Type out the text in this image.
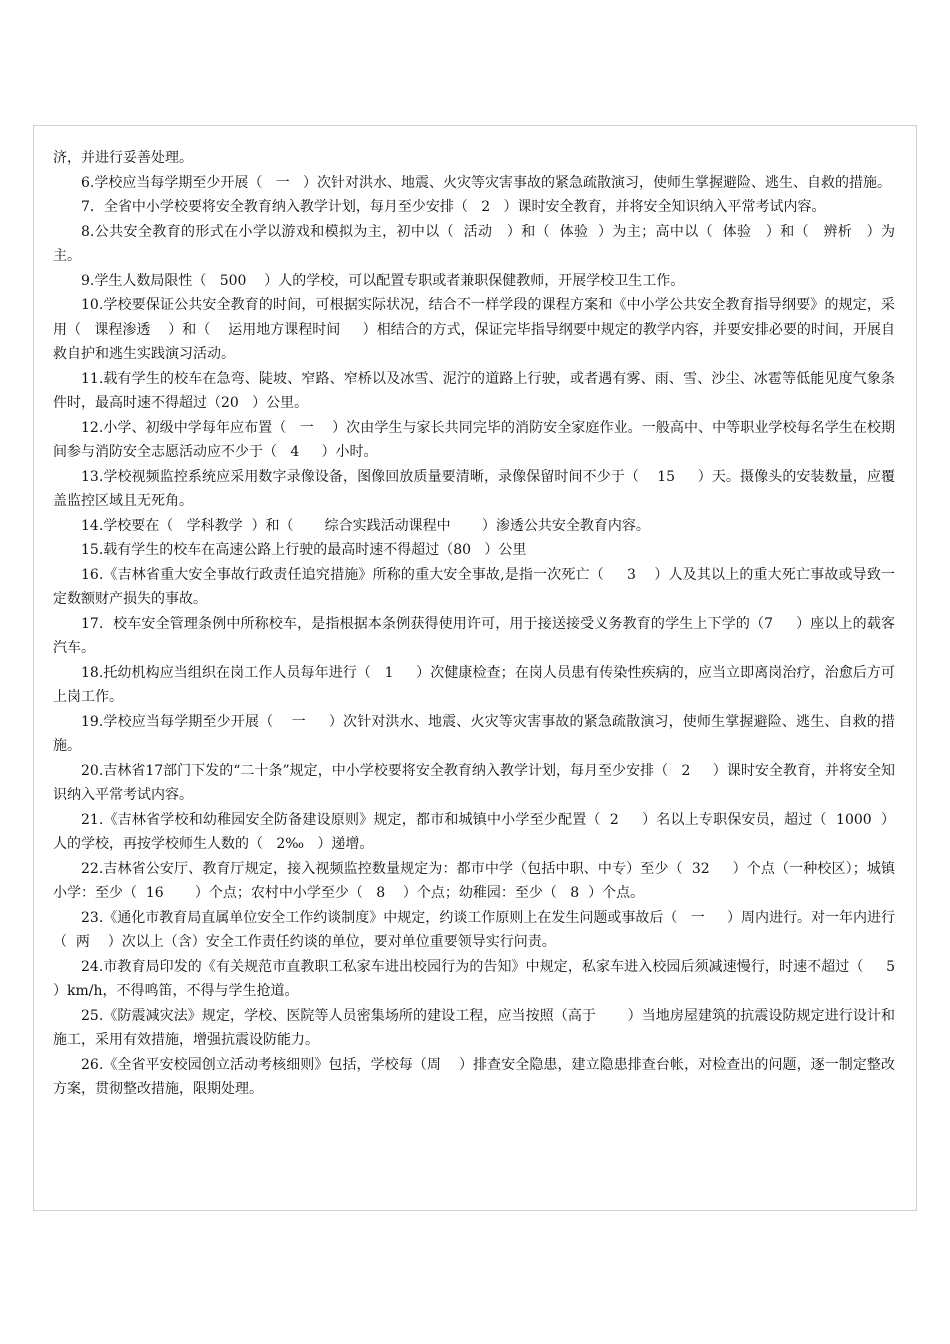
济，并进行妥善处理。

6.学校应当每学期至少开展（   一   ）次针对洪水、地震、火灾等灾害事故的紧急疏散演习，使师生掌握避险、逃生、自救的措施。

7．全省中小学校要将安全教育纳入教学计划，每月至少安排（   2   ）课时安全教育，并将安全知识纳入平常考试内容。

8.公共安全教育的形式在小学以游戏和模拟为主，初中以（  活动   ）和（  体验  ）为主；高中以（  体验   ）和（   辨析   ）为主。

9.学生人数局限性（   500    ）人的学校，可以配置专职或者兼职保健教师，开展学校卫生工作。

10.学校要保证公共安全教育的时间，可根据实际状况，结合不一样学段的课程方案和《中小学公共安全教育指导纲要》的规定，采用（   课程渗透    ）和（    运用地方课程时间     ）相结合的方式，保证完毕指导纲要中规定的教学内容，并要安排必要的时间，开展自救自护和逃生实践演习活动。

11.载有学生的校车在急弯、陡坡、窄路、窄桥以及冰雪、泥泞的道路上行驶，或者遇有雾、雨、雪、沙尘、冰雹等低能见度气象条件时，最高时速不得超过（20   ）公里。

12.小学、初级中学每年应布置（   一    ）次由学生与家长共同完毕的消防安全家庭作业。一般高中、中等职业学校每名学生在校期间参与消防安全志愿活动应不少于（   4     ）小时。

13.学校视频监控系统应采用数字录像设备，图像回放质量要清晰，录像保留时间不少于（    15     ）天。摄像头的安装数量，应覆盖监控区域且无死角。

14.学校要在（   学科教学  ）和（       综合实践活动课程中       ）渗透公共安全教育内容。

15.载有学生的校车在高速公路上行驶的最高时速不得超过（80   ）公里

16.《吉林省重大安全事故行政责任追究措施》所称的重大安全事故,是指一次死亡（     3    ）人及其以上的重大死亡事故或导致一定数额财产损失的事故。

17．校车安全管理条例中所称校车，是指根据本条例获得使用许可，用于接送接受义务教育的学生上下学的（7     ）座以上的载客汽车。

18.托幼机构应当组织在岗工作人员每年进行（   1     ）次健康检查；在岗人员患有传染性疾病的，应当立即离岗治疗，治愈后方可上岗工作。

19.学校应当每学期至少开展（    一     ）次针对洪水、地震、火灾等灾害事故的紧急疏散演习，使师生掌握避险、逃生、自救的措施。

20.吉林省17部门下发的“二十条”规定，中小学校要将安全教育纳入教学计划，每月至少安排（   2     ）课时安全教育，并将安全知识纳入平常考试内容。

21.《吉林省学校和幼稚园安全防备建设原则》规定，都市和城镇中小学至少配置（  2     ）名以上专职保安员，超过（  1000  ）人的学校，再按学校师生人数的（   2‰   ）递增。

22.吉林省公安厅、教育厅规定，接入视频监控数量规定为：都市中学（包括中职、中专）至少（  32     ）个点（一种校区）；城镇小学：至少（  16       ）个点；农村中小学至少（   8    ）个点；幼稚园：至少（   8  ）个点。

23.《通化市教育局直属单位安全工作约谈制度》中规定，约谈工作原则上在发生问题或事故后（   一     ）周内进行。对一年内进行（  两    ）次以上（含）安全工作责任约谈的单位，要对单位重要领导实行问责。

24.市教育局印发的《有关规范市直教职工私家车进出校园行为的告知》中规定，私家车进入校园后须减速慢行，时速不超过（     5     ）km/h，不得鸣笛，不得与学生抢道。

25.《防震减灾法》规定，学校、医院等人员密集场所的建设工程，应当按照（高于       ）当地房屋建筑的抗震设防规定进行设计和施工，采用有效措施，增强抗震设防能力。

26.《全省平安校园创立活动考核细则》包括，学校每（周    ）排查安全隐患，建立隐患排查台帐，对检查出的问题，逐一制定整改方案，贯彻整改措施，限期处理。
